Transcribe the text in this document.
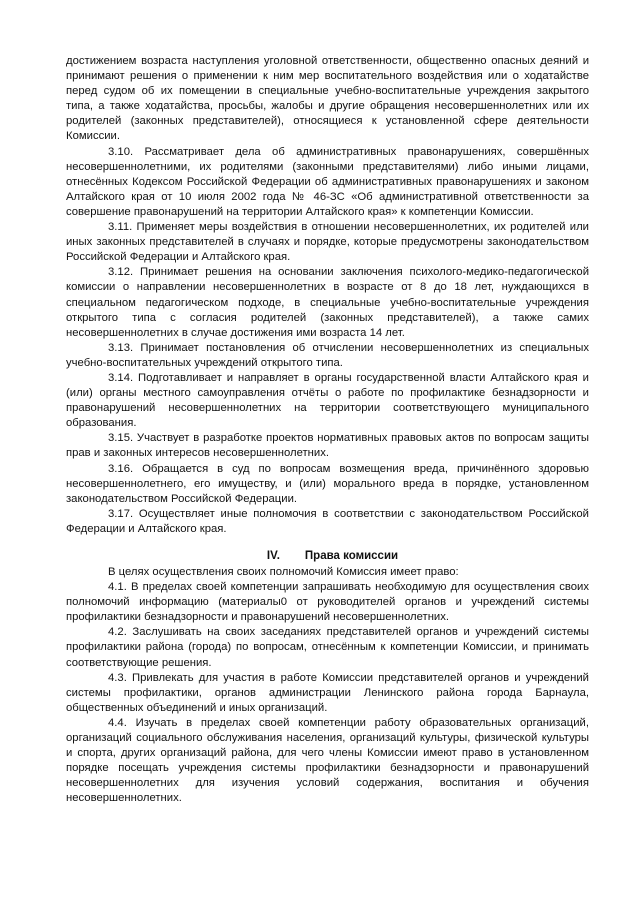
достижением возраста наступления уголовной ответственности, общественно опасных деяний и принимают решения о применении к ним мер воспитательного воздействия или о ходатайстве перед судом об их помещении в специальные учебно-воспитательные учреждения закрытого типа, а также ходатайства, просьбы, жалобы и другие обращения несовершеннолетних или их родителей (законных представителей), относящиеся к установленной сфере деятельности Комиссии.

3.10. Рассматривает дела об административных правонарушениях, совершённых несовершеннолетними, их родителями (законными представителями) либо иными лицами, отнесённых Кодексом Российской Федерации об административных правонарушениях и законом Алтайского края от 10 июля 2002 года № 46-ЗС «Об административной ответственности за совершение правонарушений на территории Алтайского края» к компетенции Комиссии.

3.11. Применяет меры воздействия в отношении несовершеннолетних, их родителей или иных законных представителей в случаях и порядке, которые предусмотрены законодательством Российской Федерации и Алтайского края.

3.12. Принимает решения на основании заключения психолого-медико-педагогической комиссии о направлении несовершеннолетних в возрасте от 8 до 18 лет, нуждающихся в специальном педагогическом подходе, в специальные учебно-воспитательные учреждения открытого типа с согласия родителей (законных представителей), а также самих несовершеннолетних в случае достижения ими возраста 14 лет.

3.13. Принимает постановления об отчислении несовершеннолетних из специальных учебно-воспитательных учреждений открытого типа.

3.14. Подготавливает и направляет в органы государственной власти Алтайского края и (или) органы местного самоуправления отчёты о работе по профилактике безнадзорности и правонарушений несовершеннолетних на территории соответствующего муниципального образования.

3.15. Участвует в разработке проектов нормативных правовых актов по вопросам защиты прав и законных интересов несовершеннолетних.

3.16. Обращается в суд по вопросам возмещения вреда, причинённого здоровью несовершеннолетнего, его имуществу, и (или) морального вреда в порядке, установленном законодательством Российской Федерации.

3.17. Осуществляет иные полномочия в соответствии с законодательством Российской Федерации и Алтайского края.

IV. Права комиссии

В целях осуществления своих полномочий Комиссия имеет право:

4.1. В пределах своей компетенции запрашивать необходимую для осуществления своих полномочий информацию (материалы0 от руководителей органов и учреждений системы профилактики безнадзорности и правонарушений несовершеннолетних.

4.2. Заслушивать на своих заседаниях представителей органов и учреждений системы профилактики района (города) по вопросам, отнесённым к компетенции Комиссии, и принимать соответствующие решения.

4.3. Привлекать для участия в работе Комиссии представителей органов и учреждений системы профилактики, органов администрации Ленинского района города Барнаула, общественных объединений и иных организаций.

4.4. Изучать в пределах своей компетенции работу образовательных организаций, организаций социального обслуживания населения, организаций культуры, физической культуры и спорта, других организаций района, для чего члены Комиссии имеют право в установленном порядке посещать учреждения системы профилактики безнадзорности и правонарушений несовершеннолетних для изучения условий содержания, воспитания и обучения несовершеннолетних.
